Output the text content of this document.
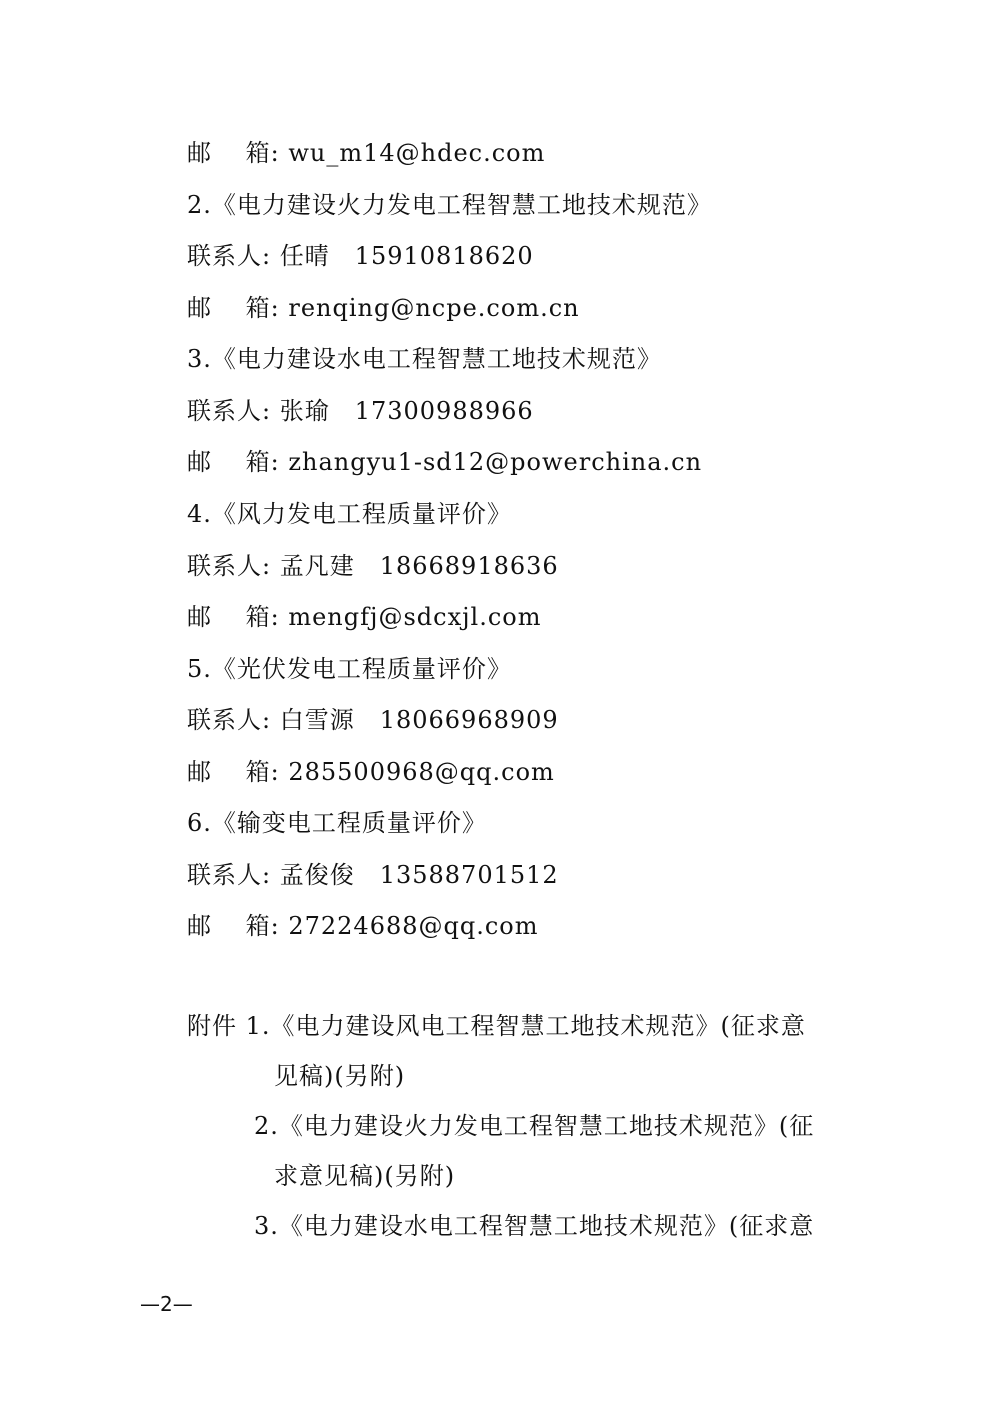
邮　 箱: wu_m14@hdec.com
2.《电力建设火力发电工程智慧工地技术规范》
联系人: 任晴　15910818620
邮　 箱: renqing@ncpe.com.cn
3.《电力建设水电工程智慧工地技术规范》
联系人: 张瑜　17300988966
邮　 箱: zhangyu1-sd12@powerchina.cn
4.《风力发电工程质量评价》
联系人: 孟凡建　18668918636
邮　 箱: mengfj@sdcxjl.com
5.《光伏发电工程质量评价》
联系人: 白雪源　18066968909
邮　 箱: 285500968@qq.com
6.《输变电工程质量评价》
联系人: 孟俊俊　13588701512
邮　 箱: 27224688@qq.com
附件 1.《电力建设风电工程智慧工地技术规范》(征求意
见稿)(另附)
2.《电力建设火力发电工程智慧工地技术规范》(征
求意见稿)(另附)
3.《电力建设水电工程智慧工地技术规范》(征求意
—2—
